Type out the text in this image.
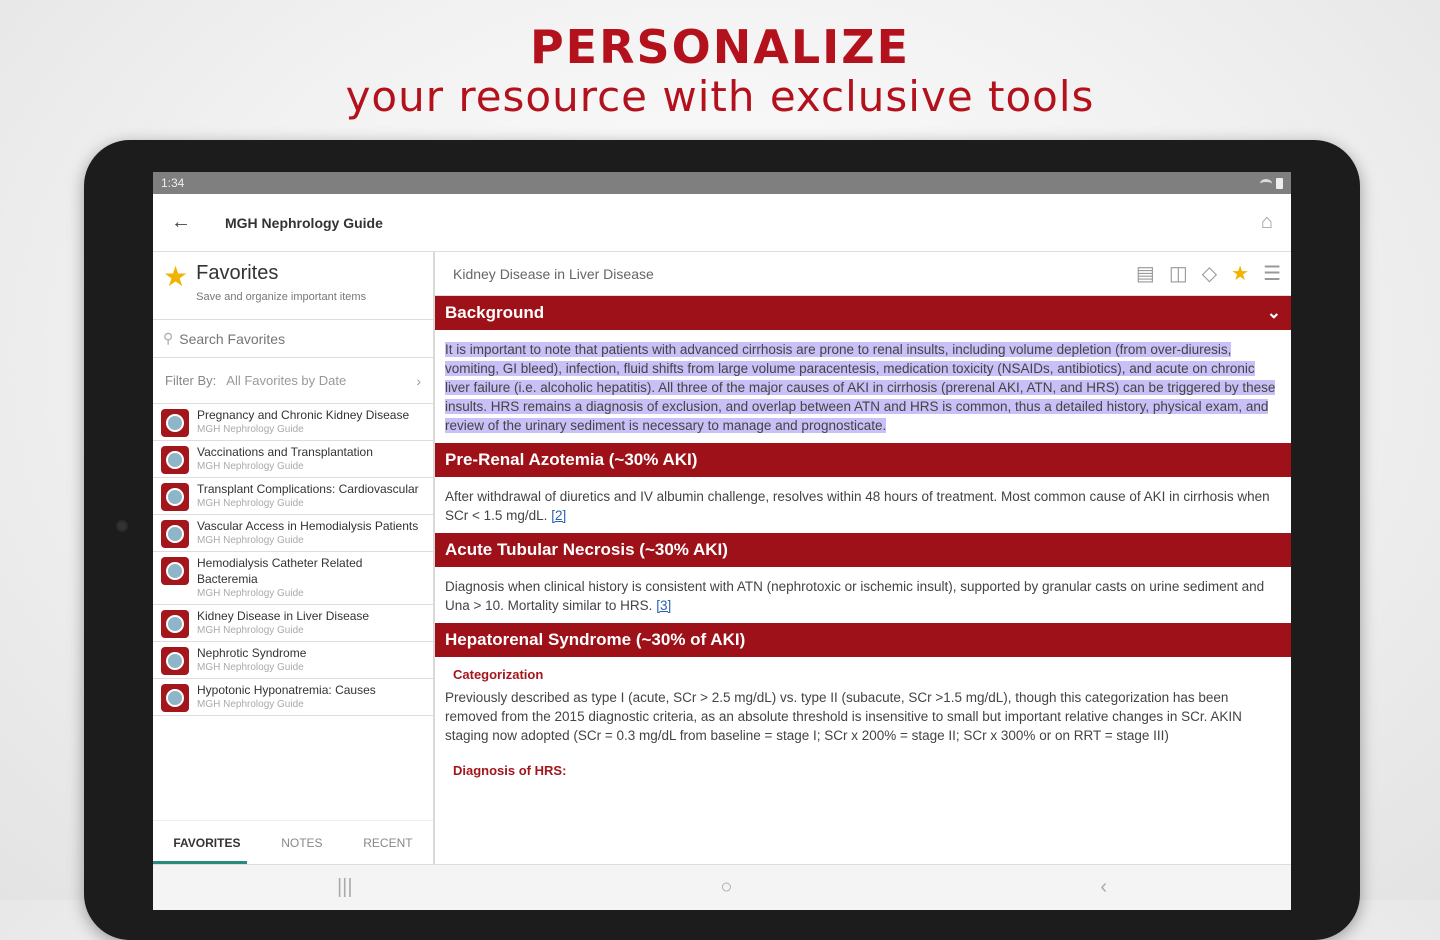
PERSONALIZE
your resource with exclusive tools
1:34
←	MGH Nephrology Guide	⌂
★ Favorites
Save and organize important items
⚲
Search Favorites
Filter By: All Favorites by Date	›
Pregnancy and Chronic Kidney Disease
MGH Nephrology Guide
Vaccinations and Transplantation
MGH Nephrology Guide
Transplant Complications: Cardiovascular
MGH Nephrology Guide
Vascular Access in Hemodialysis Patients
MGH Nephrology Guide
Hemodialysis Catheter Related Bacteremia
MGH Nephrology Guide
Kidney Disease in Liver Disease
MGH Nephrology Guide
Nephrotic Syndrome
MGH Nephrology Guide
Hypotonic Hyponatremia: Causes
MGH Nephrology Guide
FAVORITES	NOTES	RECENT
Kidney Disease in Liver Disease	▤ ◫ ◇ ★ ☰
Background	⌄
It is important to note that patients with advanced cirrhosis are prone to renal insults, including volume depletion (from over-diuresis, vomiting, GI bleed), infection, fluid shifts from large volume paracentesis, medication toxicity (NSAIDs, antibiotics), and acute on chronic liver failure (i.e. alcoholic hepatitis). All three of the major causes of AKI in cirrhosis (prerenal AKI, ATN, and HRS) can be triggered by these insults. HRS remains a diagnosis of exclusion, and overlap between ATN and HRS is common, thus a detailed history, physical exam, and review of the urinary sediment is necessary to manage and prognosticate.
Pre-Renal Azotemia (~30% AKI)
After withdrawal of diuretics and IV albumin challenge, resolves within 48 hours of treatment. Most common cause of AKI in cirrhosis when SCr < 1.5 mg/dL. [2]
Acute Tubular Necrosis (~30% AKI)
Diagnosis when clinical history is consistent with ATN (nephrotoxic or ischemic insult), supported by granular casts on urine sediment and Una > 10. Mortality similar to HRS. [3]
Hepatorenal Syndrome (~30% of AKI)
Categorization
Previously described as type I (acute, SCr > 2.5 mg/dL) vs. type II (subacute, SCr >1.5 mg/dL), though this categorization has been removed from the 2015 diagnostic criteria, as an absolute threshold is insensitive to small but important relative changes in SCr. AKIN staging now adopted (SCr = 0.3 mg/dL from baseline = stage I; SCr x 200% = stage II; SCr x 300% or on RRT = stage III)
Diagnosis of HRS:
|||	○	‹
